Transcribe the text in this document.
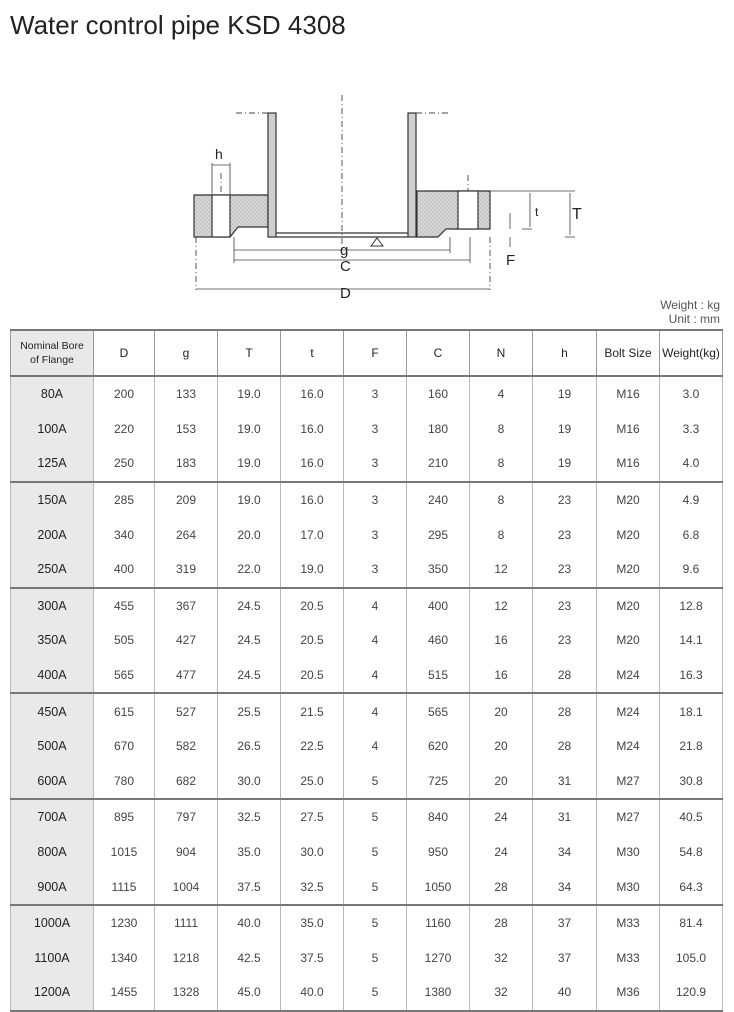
Water control pipe KSD 4308
h
t T
g
C
D
F
Weight : kg
Unit : mm
Nominal Bore
of Flange	D	g	T	t	F	C	N	h	Bolt Size	Weight(kg)

80A	200	133	19.0	16.0	3	160	4	19	M16	3.0
100A	220	153	19.0	16.0	3	180	8	19	M16	3.3
125A	250	183	19.0	16.0	3	210	8	19	M16	4.0
150A	285	209	19.0	16.0	3	240	8	23	M20	4.9
200A	340	264	20.0	17.0	3	295	8	23	M20	6.8
250A	400	319	22.0	19.0	3	350	12	23	M20	9.6
300A	455	367	24.5	20.5	4	400	12	23	M20	12.8
350A	505	427	24.5	20.5	4	460	16	23	M20	14.1
400A	565	477	24.5	20.5	4	515	16	28	M24	16.3
450A	615	527	25.5	21.5	4	565	20	28	M24	18.1
500A	670	582	26.5	22.5	4	620	20	28	M24	21.8
600A	780	682	30.0	25.0	5	725	20	31	M27	30.8
700A	895	797	32.5	27.5	5	840	24	31	M27	40.5
800A	1015	904	35.0	30.0	5	950	24	34	M30	54.8
900A	1115	1004	37.5	32.5	5	1050	28	34	M30	64.3
1000A	1230	1111	40.0	35.0	5	1160	28	37	M33	81.4
1100A	1340	1218	42.5	37.5	5	1270	32	37	M33	105.0
1200A	1455	1328	45.0	40.0	5	1380	32	40	M36	120.9
